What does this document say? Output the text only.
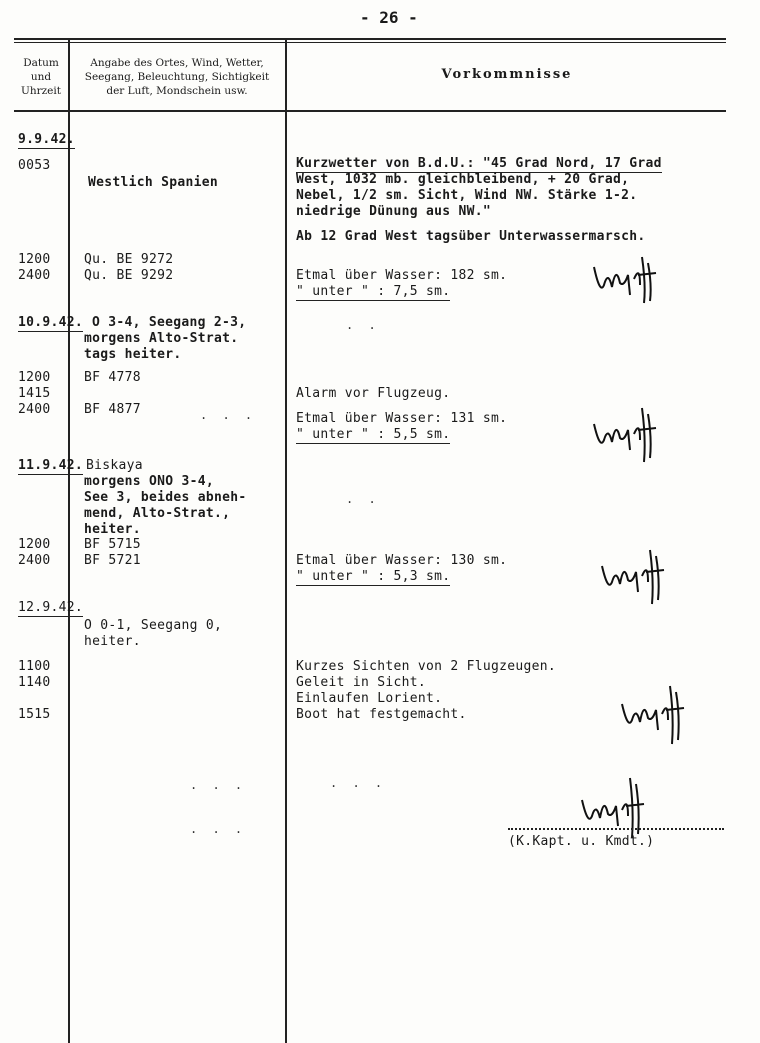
- 26 -
Datum
und
Uhrzeit
Angabe des Ortes, Wind, Wetter,
Seegang, Beleuchtung, Sichtigkeit
der Luft, Mondschein usw.
Vorkommnisse
9.9.42.
0053
Westlich Spanien
Kurzwetter von B.d.U.: "45 Grad Nord, 17 Grad
West, 1032 mb. gleichbleibend, + 20 Grad,
Nebel, 1/2 sm. Sicht, Wind NW. Stärke 1-2.
niedrige Dünung aus NW."
Ab 12 Grad West tagsüber Unterwassermarsch.
1200
2400
Qu. BE 9272
Qu. BE 9292	Etmal über Wasser: 182 sm.
" unter " : 7,5 sm.
10.9.42. O 3-4, Seegang 2-3,
morgens Alto-Strat.
tags heiter.
1200
1415
2400
BF 4778
BF 4877
Alarm vor Flugzeug.
Etmal über Wasser: 131 sm.
" unter " : 5,5 sm.
11.9.42. Biskaya
morgens ONO 3-4,
See 3, beides abneh-
mend, Alto-Strat.,
heiter.
1200
2400
BF 5715
BF 5721	Etmal über Wasser: 130 sm.
" unter " : 5,3 sm.
12.9.42.
O 0-1, Seegang 0,
heiter.
1100
1140
1515
Kurzes Sichten von 2 Flugzeugen.
Geleit in Sicht.
Einlaufen Lorient.
Boot hat festgemacht.
(K.Kapt. u. Kmdt.)
. .
. . .
. .
. . .
. . .
. . .
